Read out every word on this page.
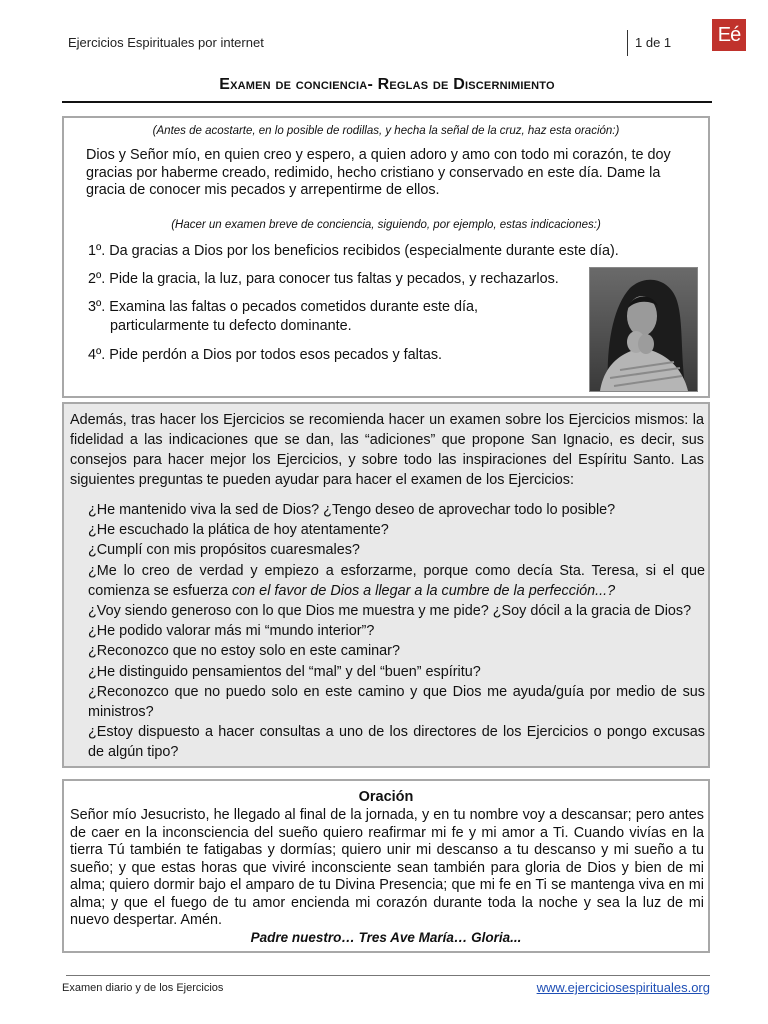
Ejercicios Espirituales por internet	1 de 1 Eé
Examen de conciencia- Reglas de Discernimiento
(Antes de acostarte, en lo posible de rodillas, y hecha la señal de la cruz, haz esta oración:)
Dios y Señor mío, en quien creo y espero, a quien adoro y amo con todo mi corazón, te doy gracias por haberme creado, redimido, hecho cristiano y conservado en este día. Dame la gracia de conocer mis pecados y arrepentirme de ellos.
(Hacer un examen breve de conciencia, siguiendo, por ejemplo, estas indicaciones:)
1º. Da gracias a Dios por los beneficios recibidos (especialmente durante este día).
2º. Pide la gracia, la luz, para conocer tus faltas y pecados, y rechazarlos.
3º. Examina las faltas o pecados cometidos durante este día,
particularmente tu defecto dominante.
4º. Pide perdón a Dios por todos esos pecados y faltas.
Además, tras hacer los Ejercicios se recomienda hacer un examen sobre los Ejercicios mismos: la fidelidad a las indicaciones que se dan, las “adiciones” que propone San Ignacio, es decir, sus consejos para hacer mejor los Ejercicios, y sobre todo las inspiraciones del Espíritu Santo. Las siguientes preguntas te pueden ayudar para hacer el examen de los Ejercicios:
¿He mantenido viva la sed de Dios? ¿Tengo deseo de aprovechar todo lo posible?
¿He escuchado la plática de hoy atentamente?
¿Cumplí con mis propósitos cuaresmales?
¿Me lo creo de verdad y empiezo a esforzarme, porque como decía Sta. Teresa, si el que comienza se esfuerza con el favor de Dios a llegar a la cumbre de la perfección...?
¿Voy siendo generoso con lo que Dios me muestra y me pide? ¿Soy dócil a la gracia de Dios?
¿He podido valorar más mi “mundo interior”?
¿Reconozco que no estoy solo en este caminar?
¿He distinguido pensamientos del “mal” y del “buen” espíritu?
¿Reconozco que no puedo solo en este camino y que Dios me ayuda/guía por medio de sus ministros?
¿Estoy dispuesto a hacer consultas a uno de los directores de los Ejercicios o pongo excusas de algún tipo?
Oración
Señor mío Jesucristo, he llegado al final de la jornada, y en tu nombre voy a descansar; pero antes de caer en la inconsciencia del sueño quiero reafirmar mi fe y mi amor a Ti. Cuando vivías en la tierra Tú también te fatigabas y dormías; quiero unir mi descanso a tu descanso y mi sueño a tu sueño; y que estas horas que viviré inconsciente sean también para gloria de Dios y bien de mi alma; quiero dormir bajo el amparo de tu Divina Presencia; que mi fe en Ti se mantenga viva en mi alma; y que el fuego de tu amor encienda mi corazón durante toda la noche y sea la luz de mi nuevo despertar. Amén.
Padre nuestro… Tres Ave María… Gloria...
Examen diario y de los Ejercicios	www.ejerciciosespirituales.org
